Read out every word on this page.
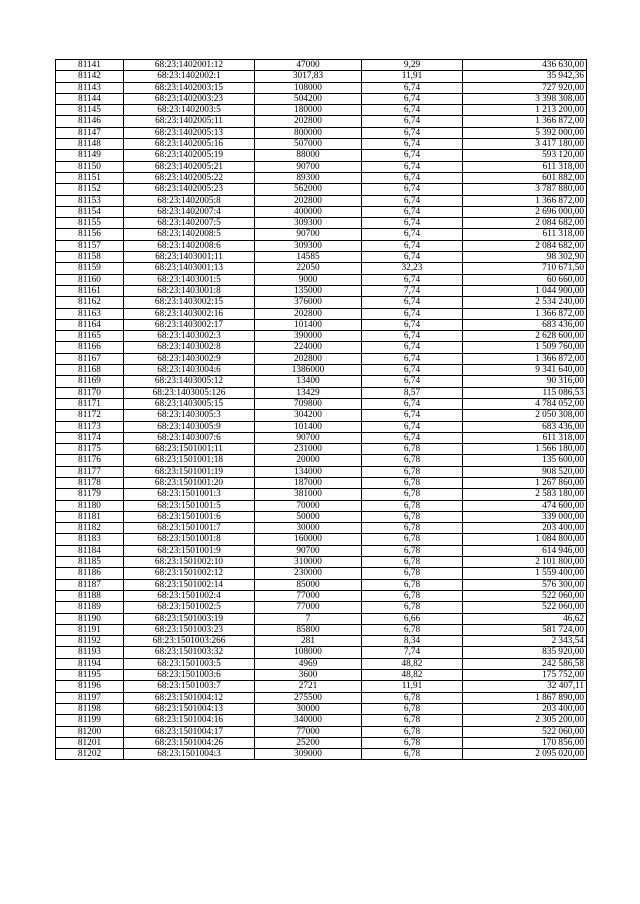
81141	68:23:1402001:12	47000	9,29	436 630,00
81142	68:23:1402002:1	3017,83	11,91	35 942,36
81143	68:23:1402003:15	108000	6,74	727 920,00
81144	68:23:1402003:23	504200	6,74	3 398 308,00
81145	68:23:1402003:5	180000	6,74	1 213 200,00
81146	68:23:1402005:11	202800	6,74	1 366 872,00
81147	68:23:1402005:13	800000	6,74	5 392 000,00
81148	68:23:1402005:16	507000	6,74	3 417 180,00
81149	68:23:1402005:19	88000	6,74	593 120,00
81150	68:23:1402005:21	90700	6,74	611 318,00
81151	68:23:1402005:22	89300	6,74	601 882,00
81152	68:23:1402005:23	562000	6,74	3 787 880,00
81153	68:23:1402005:8	202800	6,74	1 366 872,00
81154	68:23:1402007:4	400000	6,74	2 696 000,00
81155	68:23:1402007:5	309300	6,74	2 084 682,00
81156	68:23:1402008:5	90700	6,74	611 318,00
81157	68:23:1402008:6	309300	6,74	2 084 682,00
81158	68:23:1403001:11	14585	6,74	98 302,90
81159	68:23:1403001:13	22050	32,23	710 671,50
81160	68:23:1403001:5	9000	6,74	60 660,00
81161	68:23:1403001:8	135000	7,74	1 044 900,00
81162	68:23:1403002:15	376000	6,74	2 534 240,00
81163	68:23:1403002:16	202800	6,74	1 366 872,00
81164	68:23:1403002:17	101400	6,74	683 436,00
81165	68:23:1403002:3	390000	6,74	2 628 600,00
81166	68:23:1403002:8	224000	6,74	1 509 760,00
81167	68:23:1403002:9	202800	6,74	1 366 872,00
81168	68:23:1403004:6	1386000	6,74	9 341 640,00
81169	68:23:1403005:12	13400	6,74	90 316,00
81170	68:23:1403005:126	13429	8,57	115 086,53
81171	68:23:1403005:15	709800	6,74	4 784 052,00
81172	68:23:1403005:3	304200	6,74	2 050 308,00
81173	68:23:1403005:9	101400	6,74	683 436,00
81174	68:23:1403007:6	90700	6,74	611 318,00
81175	68:23:1501001:11	231000	6,78	1 566 180,00
81176	68:23:1501001:18	20000	6,78	135 600,00
81177	68:23:1501001:19	134000	6,78	908 520,00
81178	68:23:1501001:20	187000	6,78	1 267 860,00
81179	68:23:1501001:3	381000	6,78	2 583 180,00
81180	68:23:1501001:5	70000	6,78	474 600,00
81181	68:23:1501001:6	50000	6,78	339 000,00
81182	68:23:1501001:7	30000	6,78	203 400,00
81183	68:23:1501001:8	160000	6,78	1 084 800,00
81184	68:23:1501001:9	90700	6,78	614 946,00
81185	68:23:1501002:10	310000	6,78	2 101 800,00
81186	68:23:1501002:12	230000	6,78	1 559 400,00
81187	68:23:1501002:14	85000	6,78	576 300,00
81188	68:23:1501002:4	77000	6,78	522 060,00
81189	68:23:1501002:5	77000	6,78	522 060,00
81190	68:23:1501003:19	7	6,66	46,62
81191	68:23:1501003:23	85800	6,78	581 724,00
81192	68:23:1501003:266	281	8,34	2 343,54
81193	68:23:1501003:32	108000	7,74	835 920,00
81194	68:23:1501003:5	4969	48,82	242 586,58
81195	68:23:1501003:6	3600	48,82	175 752,00
81196	68:23:1501003:7	2721	11,91	32 407,11
81197	68:23:1501004:12	275500	6,78	1 867 890,00
81198	68:23:1501004:13	30000	6,78	203 400,00
81199	68:23:1501004:16	340000	6,78	2 305 200,00
81200	68:23:1501004:17	77000	6,78	522 060,00
81201	68:23:1501004:26	25200	6,78	170 856,00
81202	68:23:1501004:3	309000	6,78	2 095 020,00
